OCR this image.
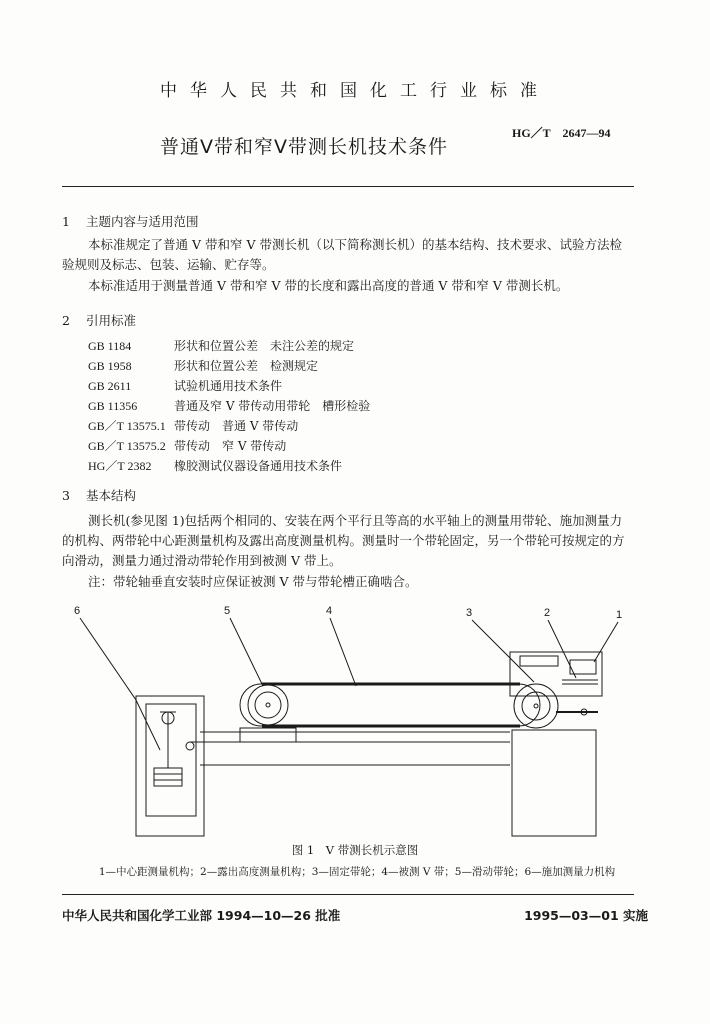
中华人民共和国化工行业标准
普通V带和窄V带测长机技术条件
HG／T　2647—94
1 主题内容与适用范围
本标准规定了普通 V 带和窄 V 带测长机（以下简称测长机）的基本结构、技术要求、试验方法检验规则及标志、包装、运输、贮存等。
本标准适用于测量普通 V 带和窄 V 带的长度和露出高度的普通 V 带和窄 V 带测长机。
2 引用标准
GB 1184	形状和位置公差　未注公差的规定
GB 1958	形状和位置公差　检测规定
GB 2611	试验机通用技术条件
GB 11356	普通及窄 V 带传动用带轮　槽形检验
GB／T 13575.1 带传动　普通 V 带传动
GB／T 13575.2 带传动　窄 V 带传动
HG／T 2382 橡胶测试仪器设备通用技术条件
3 基本结构
测长机(参见图 1)包括两个相同的、安装在两个平行且等高的水平轴上的测量用带轮、施加测量力的机构、两带轮中心距测量机构及露出高度测量机构。测量时一个带轮固定，另一个带轮可按规定的方向滑动，测量力通过滑动带轮作用到被测 V 带上。
注：带轮轴垂直安装时应保证被测 V 带与带轮槽正确啮合。
6	5	4	3	2	1
图 1　V 带测长机示意图
1—中心距测量机构；2—露出高度测量机构；3—固定带轮；4—被测 V 带；5—滑动带轮；6—施加测量力机构
中华人民共和国化学工业部 1994—10—26 批准	1995—03—01 实施
